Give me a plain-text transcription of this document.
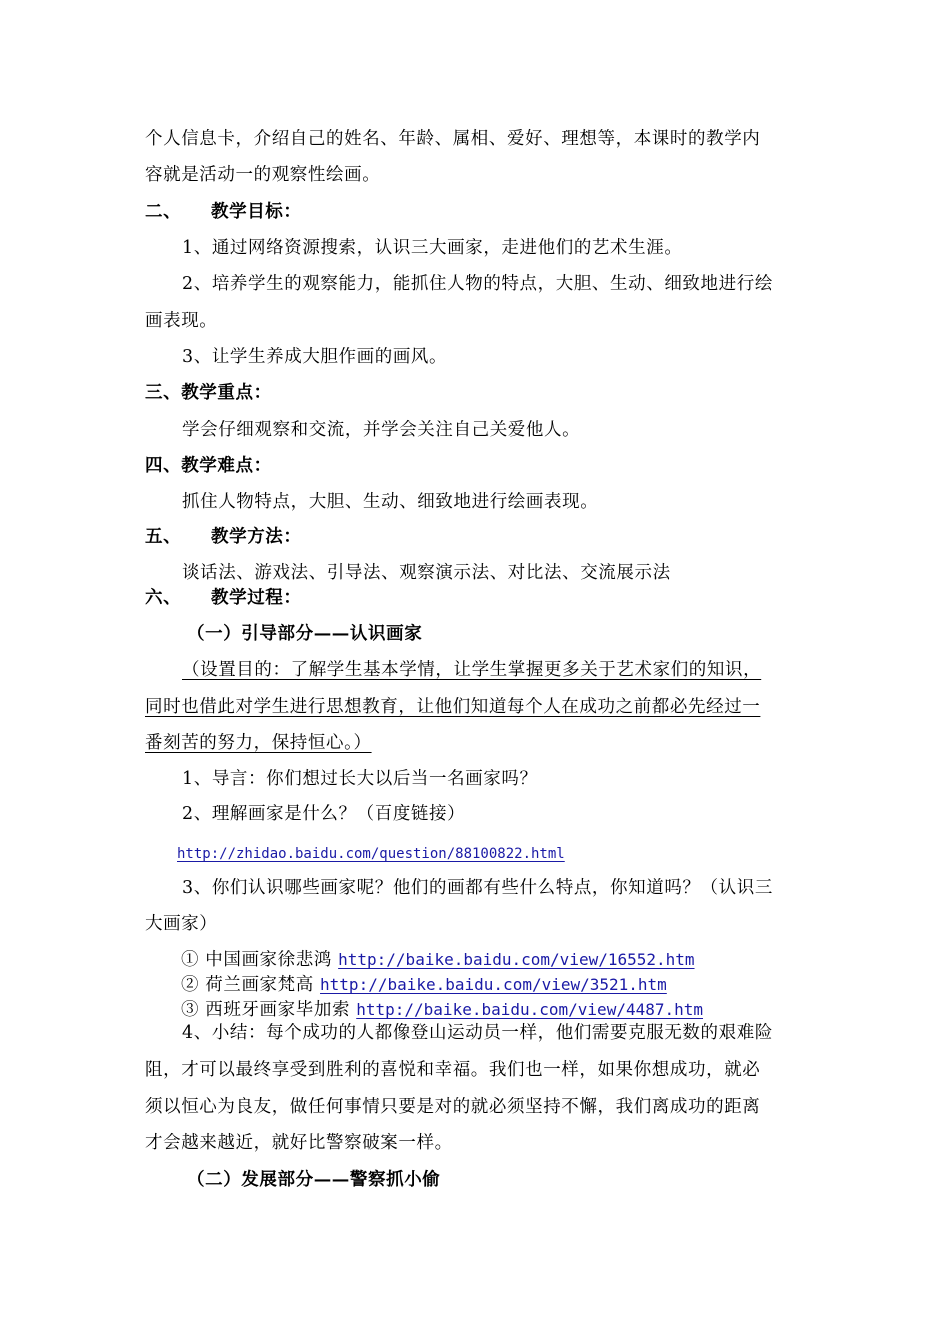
个人信息卡，介绍自己的姓名、年龄、属相、爱好、理想等，本课时的教学内
容就是活动一的观察性绘画。
二、 教学目标：
1、通过网络资源搜索，认识三大画家，走进他们的艺术生涯。
2、培养学生的观察能力，能抓住人物的特点，大胆、生动、细致地进行绘
画表现。
3、让学生养成大胆作画的画风。
三、教学重点：
学会仔细观察和交流，并学会关注自己关爱他人。
四、教学难点：
抓住人物特点，大胆、生动、细致地进行绘画表现。
五、 教学方法：
谈话法、游戏法、引导法、观察演示法、对比法、交流展示法
六、 教学过程：
（一）引导部分——认识画家
（设置目的：了解学生基本学情，让学生掌握更多关于艺术家们的知识，
同时也借此对学生进行思想教育，让他们知道每个人在成功之前都必先经过一
番刻苦的努力，保持恒心。）
1、导言：你们想过长大以后当一名画家吗？
2、理解画家是什么？（百度链接）
http://zhidao.baidu.com/question/88100822.html
3、你们认识哪些画家呢？他们的画都有些什么特点，你知道吗？（认识三
大画家）
① 中国画家徐悲鸿 http://baike.baidu.com/view/16552.htm
② 荷兰画家梵高 http://baike.baidu.com/view/3521.htm
③ 西班牙画家毕加索 http://baike.baidu.com/view/4487.htm
4、小结：每个成功的人都像登山运动员一样，他们需要克服无数的艰难险
阻，才可以最终享受到胜利的喜悦和幸福。我们也一样，如果你想成功，就必
须以恒心为良友，做任何事情只要是对的就必须坚持不懈，我们离成功的距离
才会越来越近，就好比警察破案一样。
（二）发展部分——警察抓小偷
